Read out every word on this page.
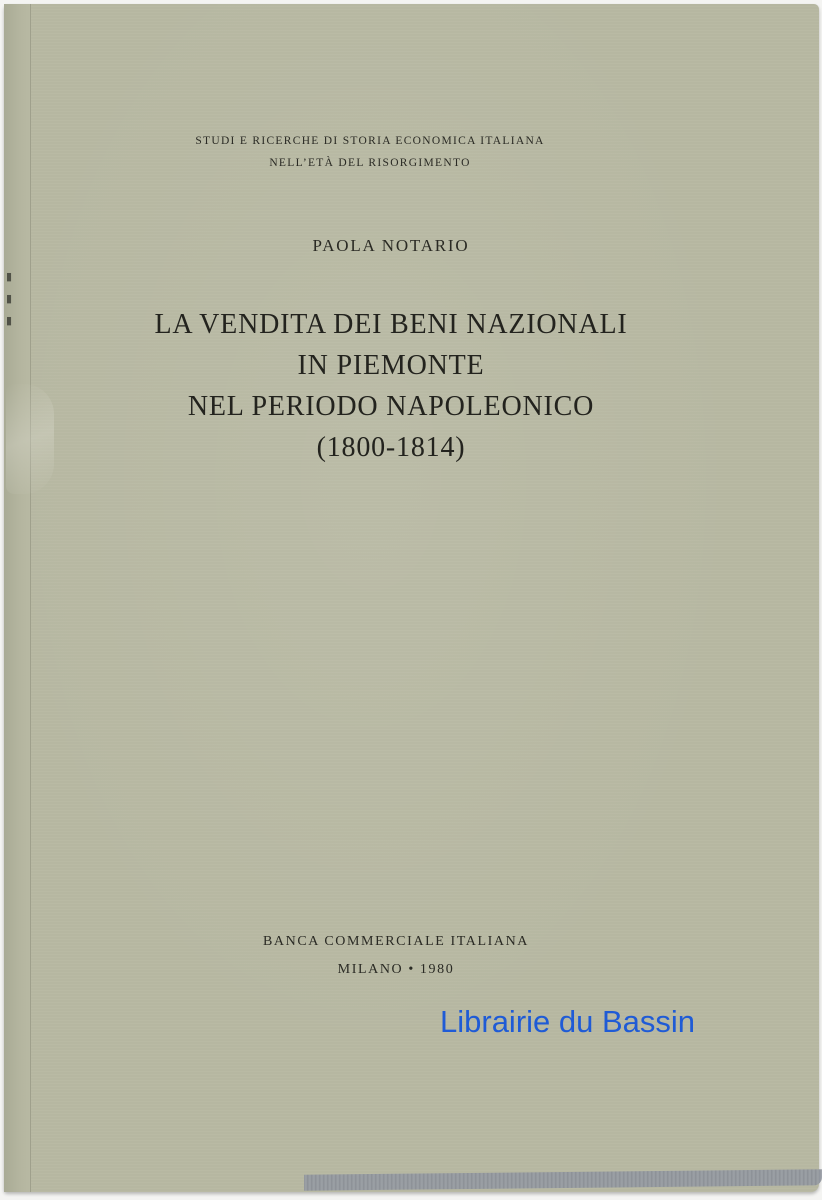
▮
▮
▮
STUDI E RICERCHE DI STORIA ECONOMICA ITALIANA
NELL’ETÀ DEL RISORGIMENTO
PAOLA NOTARIO
LA VENDITA DEI BENI NAZIONALI
IN PIEMONTE
NEL PERIODO NAPOLEONICO
(1800-1814)
BANCA COMMERCIALE ITALIANA
MILANO • 1980
Librairie du Bassin
